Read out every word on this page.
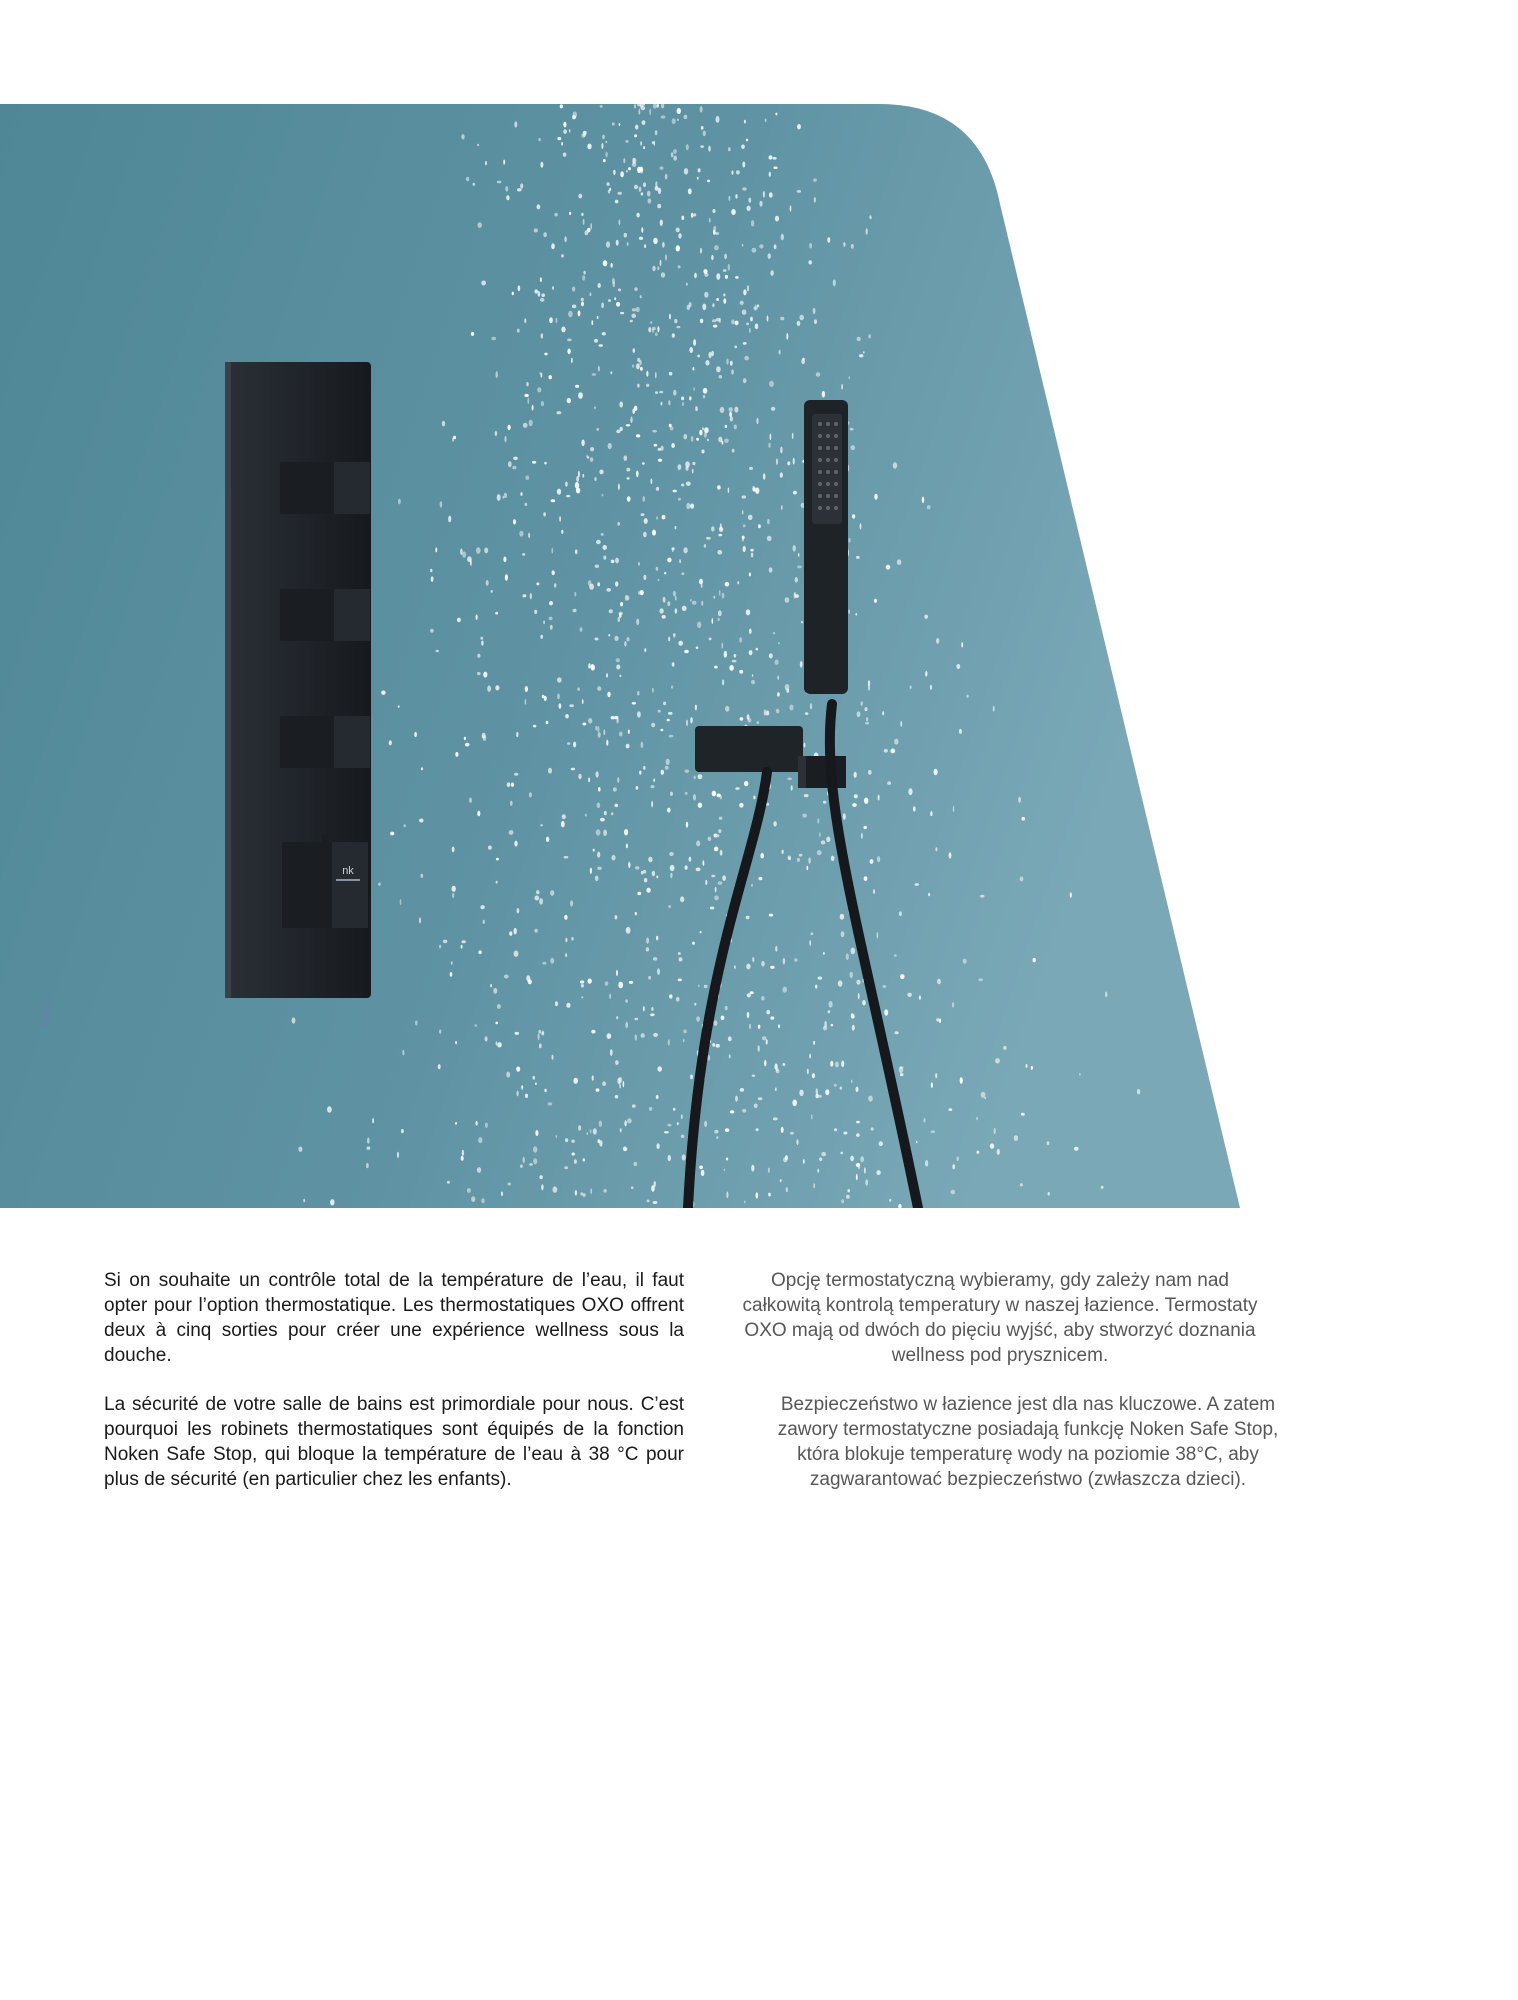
nk
Oxo

Si on souhaite un contrôle total de la température de l’eau, il faut opter pour l’option thermostatique. Les thermostatiques OXO offrent deux à cinq sorties pour créer une expérience wellness sous la douche.

La sécurité de votre salle de bains est primordiale pour nous. C’est pourquoi les robinets thermostatiques sont équipés de la fonction Noken Safe Stop, qui bloque la température de l’eau à 38 °C pour plus de sécurité (en particulier chez les enfants).

Opcję termostatyczną wybieramy, gdy zależy nam nad całkowitą kontrolą temperatury w naszej łazience. Termostaty OXO mają od dwóch do pięciu wyjść, aby stworzyć doznania wellness pod prysznicem.

Bezpieczeństwo w łazience jest dla nas kluczowe. A zatem zawory termostatyczne posiadają funkcję Noken Safe Stop, która blokuje temperaturę wody na poziomie 38°C, aby zagwarantować bezpieczeństwo (zwłaszcza dzieci).
